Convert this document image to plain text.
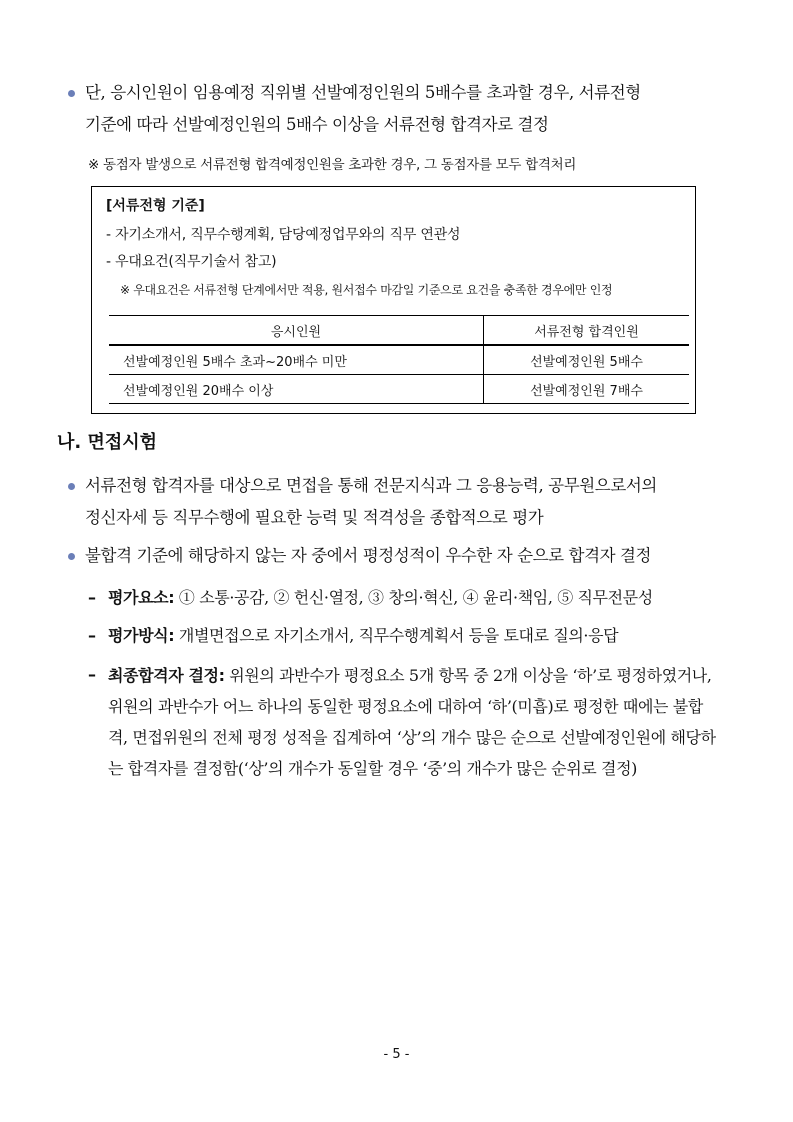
단, 응시인원이 임용예정 직위별 선발예정인원의 5배수를 초과할 경우, 서류전형
기준에 따라 선발예정인원의 5배수 이상을 서류전형 합격자로 결정
※ 동점자 발생으로 서류전형 합격예정인원을 초과한 경우, 그 동점자를 모두 합격처리
[서류전형 기준]
- 자기소개서, 직무수행계획, 담당예정업무와의 직무 연관성
- 우대요건(직무기술서 참고)
※ 우대요건은 서류전형 단계에서만 적용, 원서접수 마감일 기준으로 요건을 충족한 경우에만 인정
응시인원	서류전형 합격인원
선발예정인원 5배수 초과~20배수 미만	선발예정인원 5배수
선발예정인원 20배수 이상	선발예정인원 7배수
나. 면접시험
서류전형 합격자를 대상으로 면접을 통해 전문지식과 그 응용능력, 공무원으로서의
정신자세 등 직무수행에 필요한 능력 및 적격성을 종합적으로 평가
불합격 기준에 해당하지 않는 자 중에서 평정성적이 우수한 자 순으로 합격자 결정
– 평가요소: ① 소통·공감, ② 헌신·열정, ③ 창의·혁신, ④ 윤리·책임, ⑤ 직무전문성
– 평가방식: 개별면접으로 자기소개서, 직무수행계획서 등을 토대로 질의·응답
– 최종합격자 결정: 위원의 과반수가 평정요소 5개 항목 중 2개 이상을 ‘하’로 평정하였거나, 위원의 과반수가 어느 하나의 동일한 평정요소에 대하여 ‘하’(미흡)로 평정한 때에는 불합격, 면접위원의 전체 평정 성적을 집계하여 ‘상’의 개수 많은 순으로 선발예정인원에 해당하는 합격자를 결정함(‘상’의 개수가 동일할 경우 ‘중’의 개수가 많은 순위로 결정)
- 5 -
